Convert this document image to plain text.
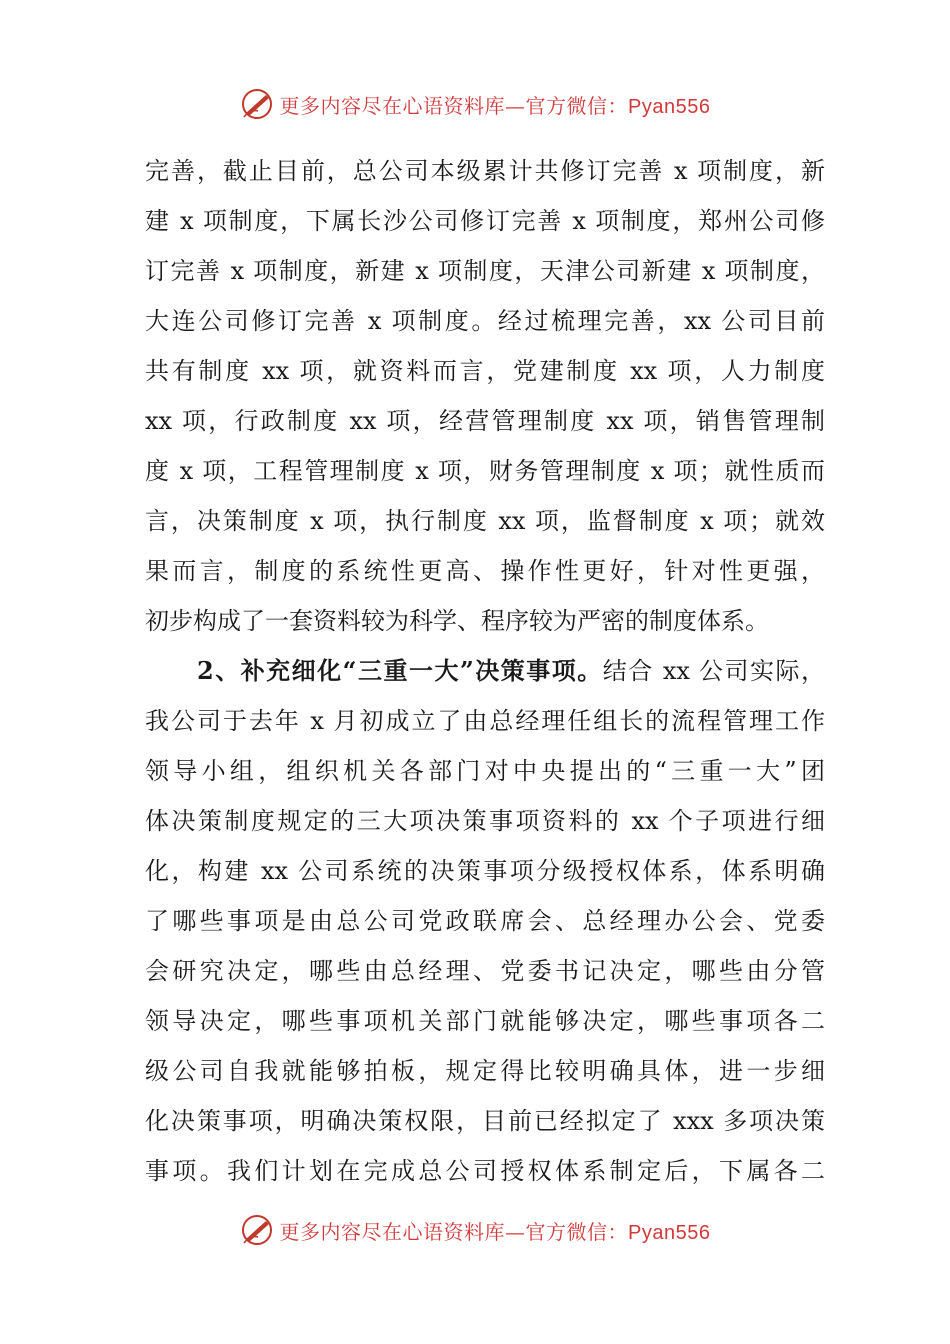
更多内容尽在心语资料库—官方微信：Pyan556
完善，截止目前，总公司本级累计共修订完善 x 项制度，新
建 x 项制度，下属长沙公司修订完善 x 项制度，郑州公司修
订完善 x 项制度，新建 x 项制度，天津公司新建 x 项制度，
大连公司修订完善 x 项制度。经过梳理完善，xx 公司目前
共有制度 xx 项，就资料而言，党建制度 xx 项，人力制度
xx 项，行政制度 xx 项，经营管理制度 xx 项，销售管理制
度 x 项，工程管理制度 x 项，财务管理制度 x 项；就性质而
言，决策制度 x 项，执行制度 xx 项，监督制度 x 项；就效
果而言，制度的系统性更高、操作性更好，针对性更强，
初步构成了一套资料较为科学、程序较为严密的制度体系。
2、补充细化“三重一大”决策事项。结合 xx 公司实际，
我公司于去年 x 月初成立了由总经理任组长的流程管理工作
领导小组，组织机关各部门对中央提出的“三重一大”团
体决策制度规定的三大项决策事项资料的 xx 个子项进行细
化，构建 xx 公司系统的决策事项分级授权体系，体系明确
了哪些事项是由总公司党政联席会、总经理办公会、党委
会研究决定，哪些由总经理、党委书记决定，哪些由分管
领导决定，哪些事项机关部门就能够决定，哪些事项各二
级公司自我就能够拍板，规定得比较明确具体，进一步细
化决策事项，明确决策权限，目前已经拟定了 xxx 多项决策
事项。我们计划在完成总公司授权体系制定后，下属各二
更多内容尽在心语资料库—官方微信：Pyan556
